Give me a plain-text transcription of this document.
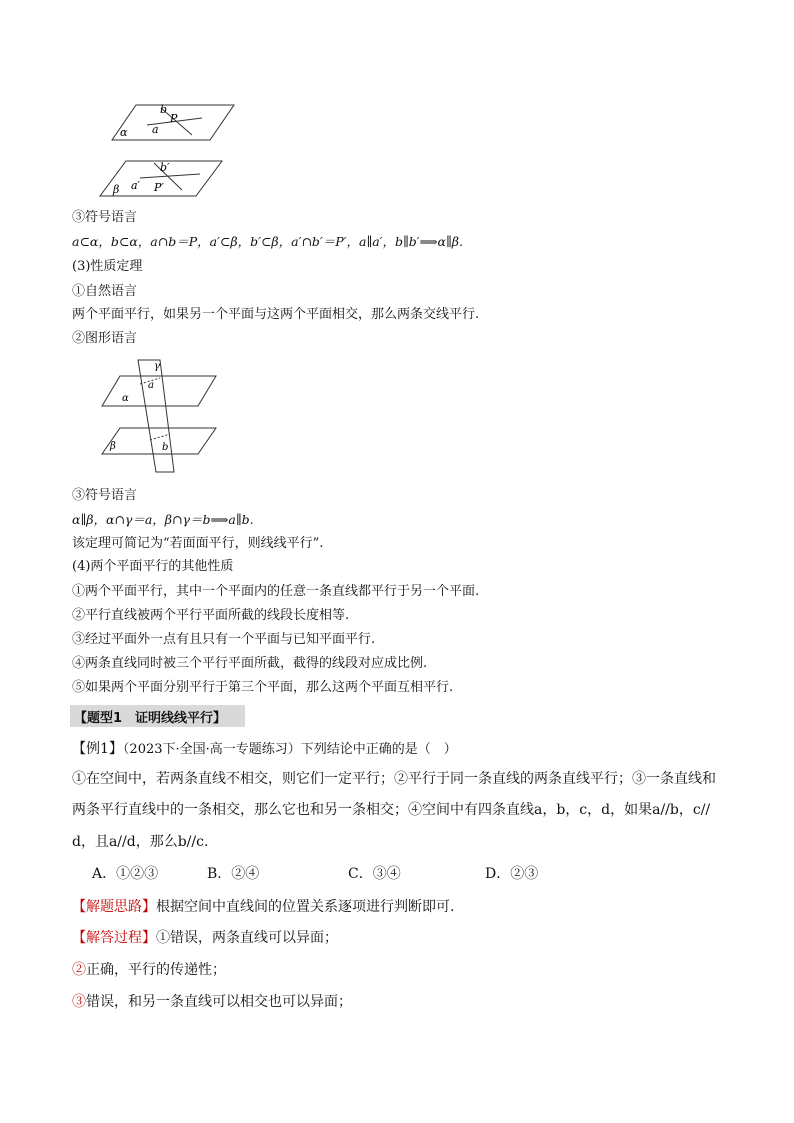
b
P
a
α
b′
a′ P′
β
③符号语言
a⊂α，b⊂α，a∩b＝P，a′⊂β，b′⊂β，a′∩b′＝P′，a∥a′，b∥b′⟹α∥β.
(3)性质定理
①自然语言
两个平面平行，如果另一个平面与这两个平面相交，那么两条交线平行.
②图形语言
γ
a
α
b
β
③符号语言
α∥β，α∩γ＝a，β∩γ＝b⟹a∥b.
该定理可简记为“若面面平行，则线线平行”.
(4)两个平面平行的其他性质
①两个平面平行，其中一个平面内的任意一条直线都平行于另一个平面.
②平行直线被两个平行平面所截的线段长度相等.
③经过平面外一点有且只有一个平面与已知平面平行.
④两条直线同时被三个平行平面所截，截得的线段对应成比例.
⑤如果两个平面分别平行于第三个平面，那么这两个平面互相平行.
【题型1　证明线线平行】
【例1】（2023下·全国·高一专题练习）下列结论中正确的是（　）
①在空间中，若两条直线不相交，则它们一定平行；②平行于同一条直线的两条直线平行；③一条直线和
两条平行直线中的一条相交，那么它也和另一条相交；④空间中有四条直线a，b，c，d，如果a//b，c//
d，且a//d，那么b//c.
A．①②③	B．②④	C．③④	D．②③
【解题思路】根据空间中直线间的位置关系逐项进行判断即可.
【解答过程】①错误，两条直线可以异面；
②正确，平行的传递性；
③错误，和另一条直线可以相交也可以异面；
